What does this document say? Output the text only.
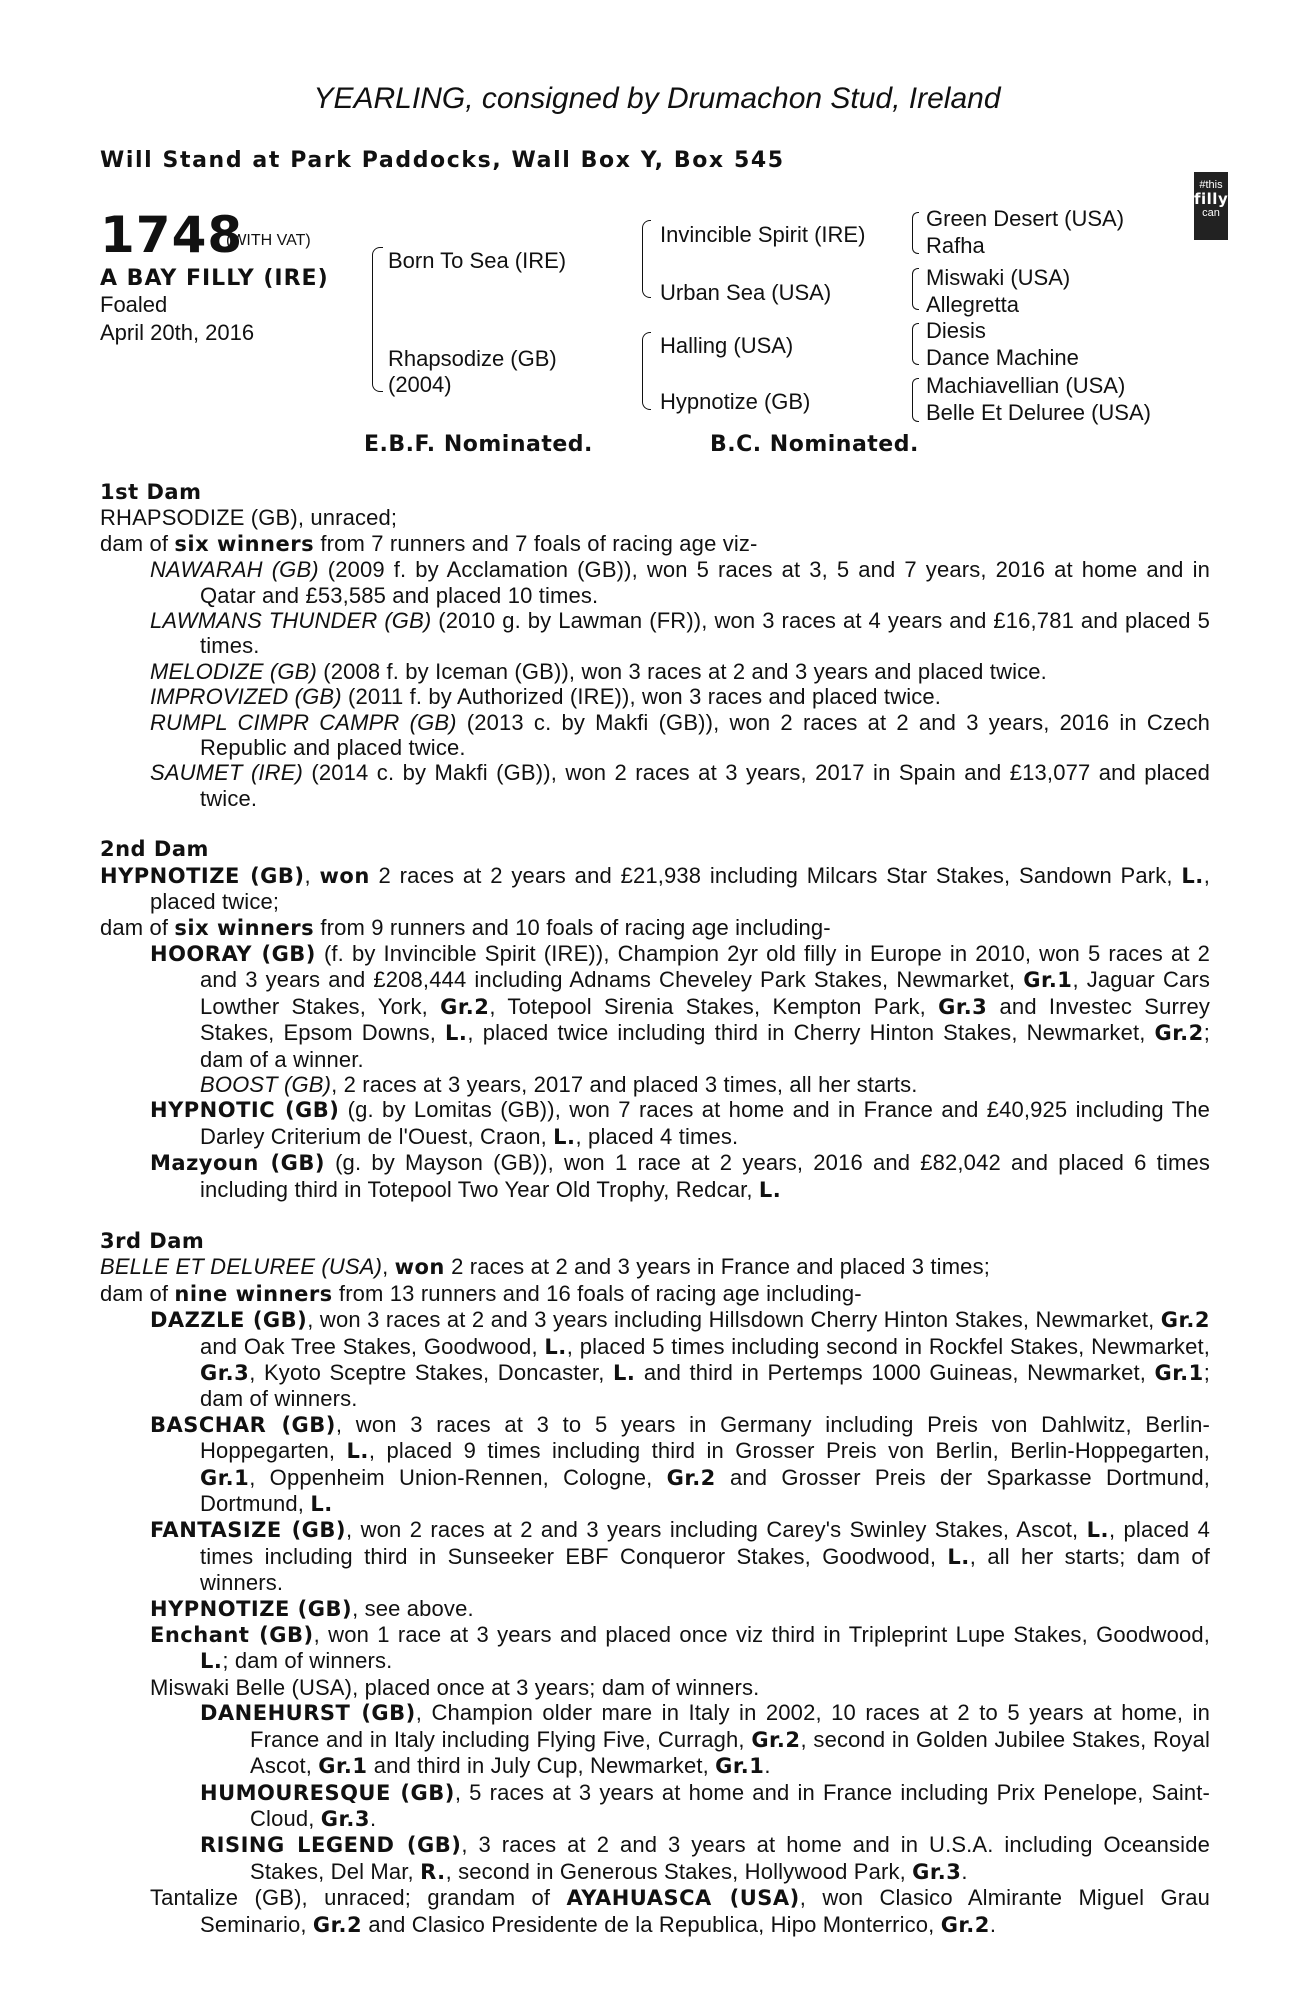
YEARLING, consigned by Drumachon Stud, Ireland
Will Stand at Park Paddocks, Wall Box Y, Box 545
#this
filly
can
1748
(WITH VAT)
A BAY FILLY (IRE)
Foaled
April 20th, 2016
Born To Sea (IRE)
Rhapsodize (GB)
(2004)
Invincible Spirit (IRE)
Urban Sea (USA)
Halling (USA)
Hypnotize (GB)
Green Desert (USA)
Rafha
Miswaki (USA)
Allegretta
Diesis
Dance Machine
Machiavellian (USA)
Belle Et Deluree (USA)
E.B.F. Nominated.	B.C. Nominated.

1st Dam

RHAPSODIZE (GB), unraced;

dam of six winners from 7 runners and 7 foals of racing age viz-

NAWARAH (GB) (2009 f. by Acclamation (GB)), won 5 races at 3, 5 and 7 years, 2016 at home and in Qatar and £53,585 and placed 10 times.

LAWMANS THUNDER (GB) (2010 g. by Lawman (FR)), won 3 races at 4 years and £16,781 and placed 5 times.

MELODIZE (GB) (2008 f. by Iceman (GB)), won 3 races at 2 and 3 years and placed twice.

IMPROVIZED (GB) (2011 f. by Authorized (IRE)), won 3 races and placed twice.

RUMPL CIMPR CAMPR (GB) (2013 c. by Makfi (GB)), won 2 races at 2 and 3 years, 2016 in Czech Republic and placed twice.

SAUMET (IRE) (2014 c. by Makfi (GB)), won 2 races at 3 years, 2017 in Spain and £13,077 and placed twice.

2nd Dam

HYPNOTIZE (GB), won 2 races at 2 years and £21,938 including Milcars Star Stakes, Sandown Park, L., placed twice;

dam of six winners from 9 runners and 10 foals of racing age including-

HOORAY (GB) (f. by Invincible Spirit (IRE)), Champion 2yr old filly in Europe in 2010, won 5 races at 2 and 3 years and £208,444 including Adnams Cheveley Park Stakes, Newmarket, Gr.1, Jaguar Cars Lowther Stakes, York, Gr.2, Totepool Sirenia Stakes, Kempton Park, Gr.3 and Investec Surrey Stakes, Epsom Downs, L., placed twice including third in Cherry Hinton Stakes, Newmarket, Gr.2; dam of a winner.

BOOST (GB), 2 races at 3 years, 2017 and placed 3 times, all her starts.

HYPNOTIC (GB) (g. by Lomitas (GB)), won 7 races at home and in France and £40,925 including The Darley Criterium de l'Ouest, Craon, L., placed 4 times.

Mazyoun (GB) (g. by Mayson (GB)), won 1 race at 2 years, 2016 and £82,042 and placed 6 times including third in Totepool Two Year Old Trophy, Redcar, L.

3rd Dam

BELLE ET DELUREE (USA), won 2 races at 2 and 3 years in France and placed 3 times;

dam of nine winners from 13 runners and 16 foals of racing age including-

DAZZLE (GB), won 3 races at 2 and 3 years including Hillsdown Cherry Hinton Stakes, Newmarket, Gr.2 and Oak Tree Stakes, Goodwood, L., placed 5 times including second in Rockfel Stakes, Newmarket, Gr.3, Kyoto Sceptre Stakes, Doncaster, L. and third in Pertemps 1000 Guineas, Newmarket, Gr.1; dam of winners.

BASCHAR (GB), won 3 races at 3 to 5 years in Germany including Preis von Dahlwitz, Berlin-Hoppegarten, L., placed 9 times including third in Grosser Preis von Berlin, Berlin-Hoppegarten, Gr.1, Oppenheim Union-Rennen, Cologne, Gr.2 and Grosser Preis der Sparkasse Dortmund, Dortmund, L.

FANTASIZE (GB), won 2 races at 2 and 3 years including Carey's Swinley Stakes, Ascot, L., placed 4 times including third in Sunseeker EBF Conqueror Stakes, Goodwood, L., all her starts; dam of winners.

HYPNOTIZE (GB), see above.

Enchant (GB), won 1 race at 3 years and placed once viz third in Tripleprint Lupe Stakes, Goodwood, L.; dam of winners.

Miswaki Belle (USA), placed once at 3 years; dam of winners.

DANEHURST (GB), Champion older mare in Italy in 2002, 10 races at 2 to 5 years at home, in France and in Italy including Flying Five, Curragh, Gr.2, second in Golden Jubilee Stakes, Royal Ascot, Gr.1 and third in July Cup, Newmarket, Gr.1.

HUMOURESQUE (GB), 5 races at 3 years at home and in France including Prix Penelope, Saint-Cloud, Gr.3.

RISING LEGEND (GB), 3 races at 2 and 3 years at home and in U.S.A. including Oceanside Stakes, Del Mar, R., second in Generous Stakes, Hollywood Park, Gr.3.

Tantalize (GB), unraced; grandam of AYAHUASCA (USA), won Clasico Almirante Miguel Grau Seminario, Gr.2 and Clasico Presidente de la Republica, Hipo Monterrico, Gr.2.
